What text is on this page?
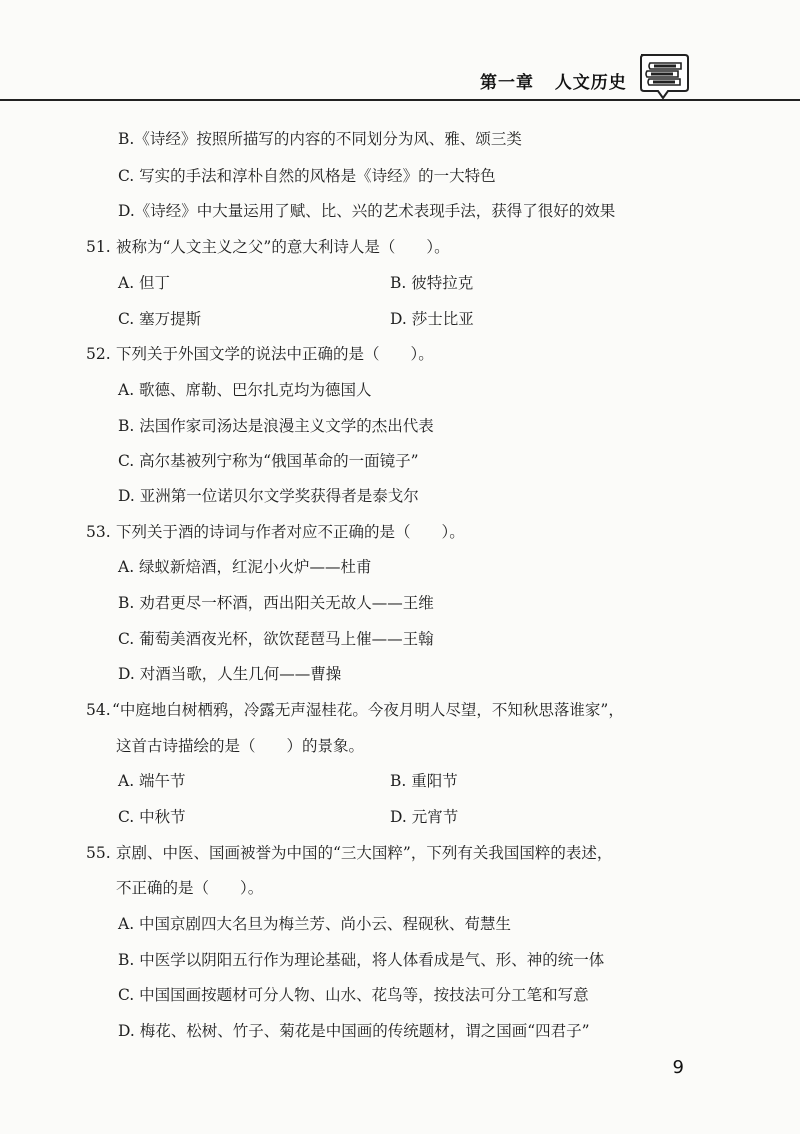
第一章 人文历史
B.《诗经》按照所描写的内容的不同划分为风、雅、颂三类
C. 写实的手法和淳朴自然的风格是《诗经》的一大特色
D.《诗经》中大量运用了赋、比、兴的艺术表现手法，获得了很好的效果
51. 被称为“人文主义之父”的意大利诗人是（　　）。
A. 但丁	B. 彼特拉克
C. 塞万提斯	D. 莎士比亚
52. 下列关于外国文学的说法中正确的是（　　）。
A. 歌德、席勒、巴尔扎克均为德国人
B. 法国作家司汤达是浪漫主义文学的杰出代表
C. 高尔基被列宁称为“俄国革命的一面镜子”
D. 亚洲第一位诺贝尔文学奖获得者是泰戈尔
53. 下列关于酒的诗词与作者对应不正确的是（　　）。
A. 绿蚁新焙酒，红泥小火炉——杜甫
B. 劝君更尽一杯酒，西出阳关无故人——王维
C. 葡萄美酒夜光杯，欲饮琵琶马上催——王翰
D. 对酒当歌，人生几何——曹操
54. “中庭地白树栖鸦，冷露无声湿桂花。今夜月明人尽望，不知秋思落谁家”，
这首古诗描绘的是（　　）的景象。
A. 端午节	B. 重阳节
C. 中秋节	D. 元宵节
55. 京剧、中医、国画被誉为中国的“三大国粹”，下列有关我国国粹的表述，
不正确的是（　　）。
A. 中国京剧四大名旦为梅兰芳、尚小云、程砚秋、荀慧生
B. 中医学以阴阳五行作为理论基础，将人体看成是气、形、神的统一体
C. 中国国画按题材可分人物、山水、花鸟等，按技法可分工笔和写意
D. 梅花、松树、竹子、菊花是中国画的传统题材，谓之国画“四君子”
9
